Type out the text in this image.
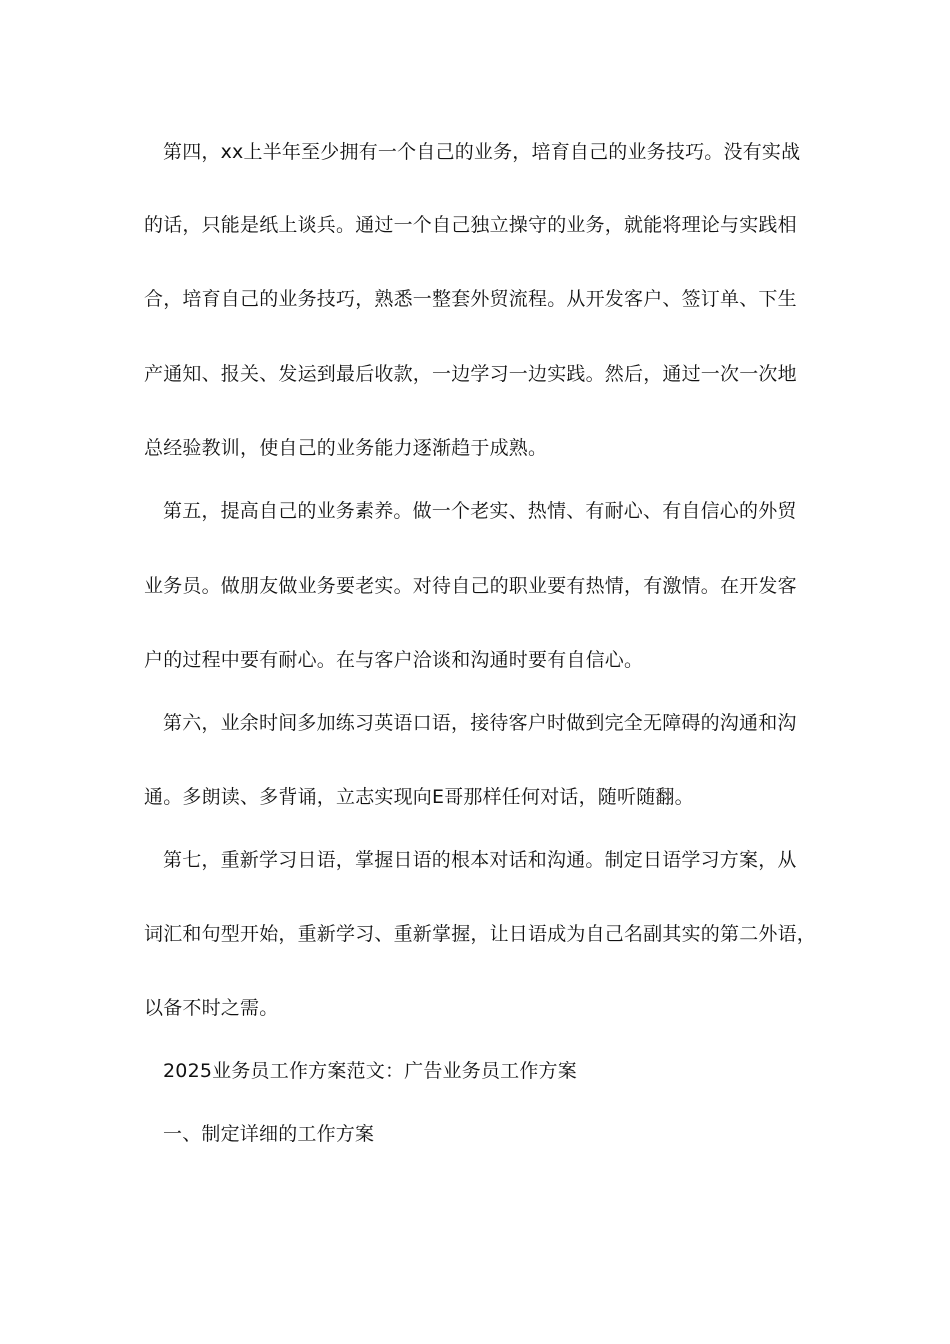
第四，xx上半年至少拥有一个自己的业务，培育自己的业务技巧。没有实战
的话，只能是纸上谈兵。通过一个自己独立操守的业务，就能将理论与实践相
合，培育自己的业务技巧，熟悉一整套外贸流程。从开发客户、签订单、下生
产通知、报关、发运到最后收款，一边学习一边实践。然后，通过一次一次地
总经验教训，使自己的业务能力逐渐趋于成熟。
第五，提高自己的业务素养。做一个老实、热情、有耐心、有自信心的外贸
业务员。做朋友做业务要老实。对待自己的职业要有热情，有激情。在开发客
户的过程中要有耐心。在与客户洽谈和沟通时要有自信心。
第六，业余时间多加练习英语口语，接待客户时做到完全无障碍的沟通和沟
通。多朗读、多背诵，立志实现向E哥那样任何对话，随听随翻。
第七，重新学习日语，掌握日语的根本对话和沟通。制定日语学习方案，从
词汇和句型开始，重新学习、重新掌握，让日语成为自己名副其实的第二外语，
以备不时之需。
2025业务员工作方案范文：广告业务员工作方案
一、制定详细的工作方案
